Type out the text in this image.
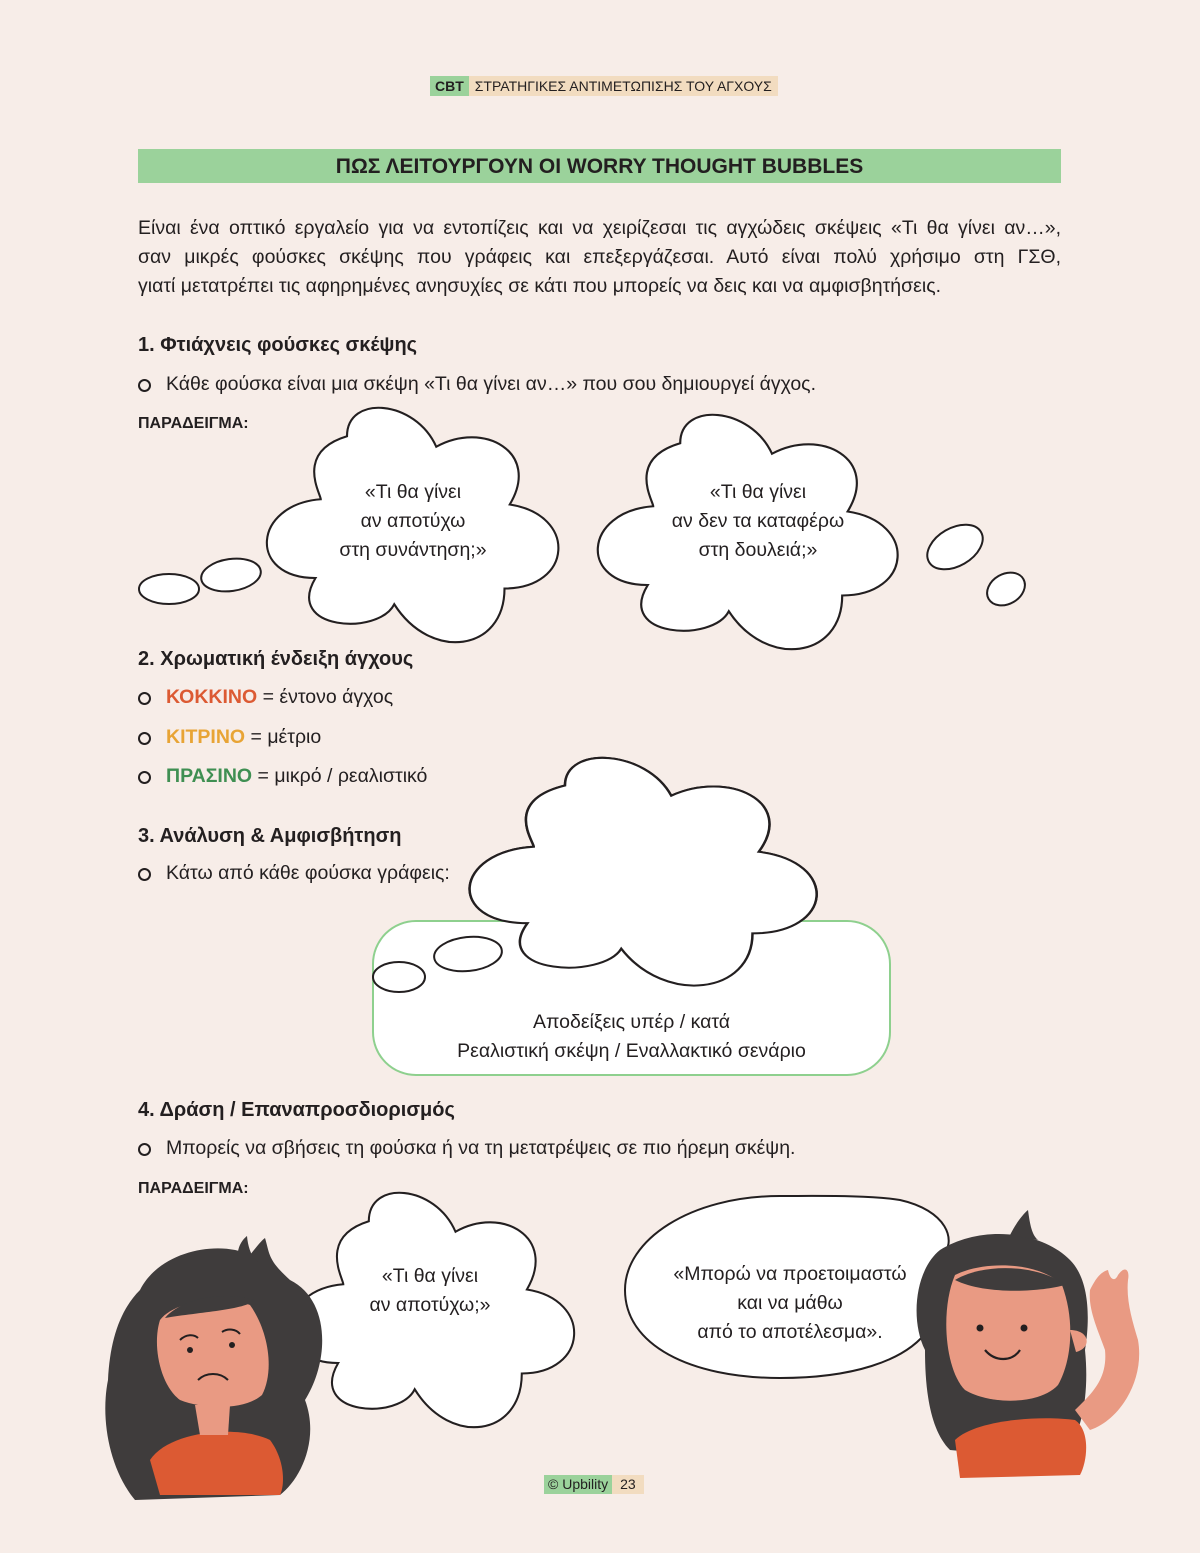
CBT ΣΤΡΑΤΗΓΙΚΕΣ ΑΝΤΙΜΕΤΩΠΙΣΗΣ ΤΟΥ ΑΓΧΟΥΣ
ΠΩΣ ΛΕΙΤΟΥΡΓΟΥΝ ΟΙ WORRY THOUGHT BUBBLES
Είναι ένα οπτικό εργαλείο για να εντοπίζεις και να χειρίζεσαι τις αγχώδεις σκέψεις «Τι θα γίνει αν…»,
σαν μικρές φούσκες σκέψης που γράφεις και επεξεργάζεσαι. Αυτό είναι πολύ χρήσιμο στη ΓΣΘ,
γιατί μετατρέπει τις αφηρημένες ανησυχίες σε κάτι που μπορείς να δεις και να αμφισβητήσεις.
1. Φτιάχνεις φούσκες σκέψης
Κάθε φούσκα είναι μια σκέψη «Τι θα γίνει αν…» που σου δημιουργεί άγχος.
ΠΑΡΑΔΕΙΓΜΑ:
«Τι θα γίνει
αν αποτύχω
στη συνάντηση;»
«Τι θα γίνει
αν δεν τα καταφέρω
στη δουλειά;»
2. Χρωματική ένδειξη άγχους
ΚΟΚΚΙΝΟ = έντονο άγχος
ΚΙΤΡΙΝΟ = μέτριο
ΠΡΑΣΙΝΟ = μικρό / ρεαλιστικό
3. Ανάλυση & Αμφισβήτηση
Κάτω από κάθε φούσκα γράφεις:
Αποδείξεις υπέρ / κατά
Ρεαλιστική σκέψη / Εναλλακτικό σενάριο
4. Δράση / Επαναπροσδιορισμός
Μπορείς να σβήσεις τη φούσκα ή να τη μετατρέψεις σε πιο ήρεμη σκέψη.
ΠΑΡΑΔΕΙΓΜΑ:
«Τι θα γίνει
αν αποτύχω;»
«Μπορώ να προετοιμαστώ
και να μάθω
από το αποτέλεσμα».
© Upbility 23
